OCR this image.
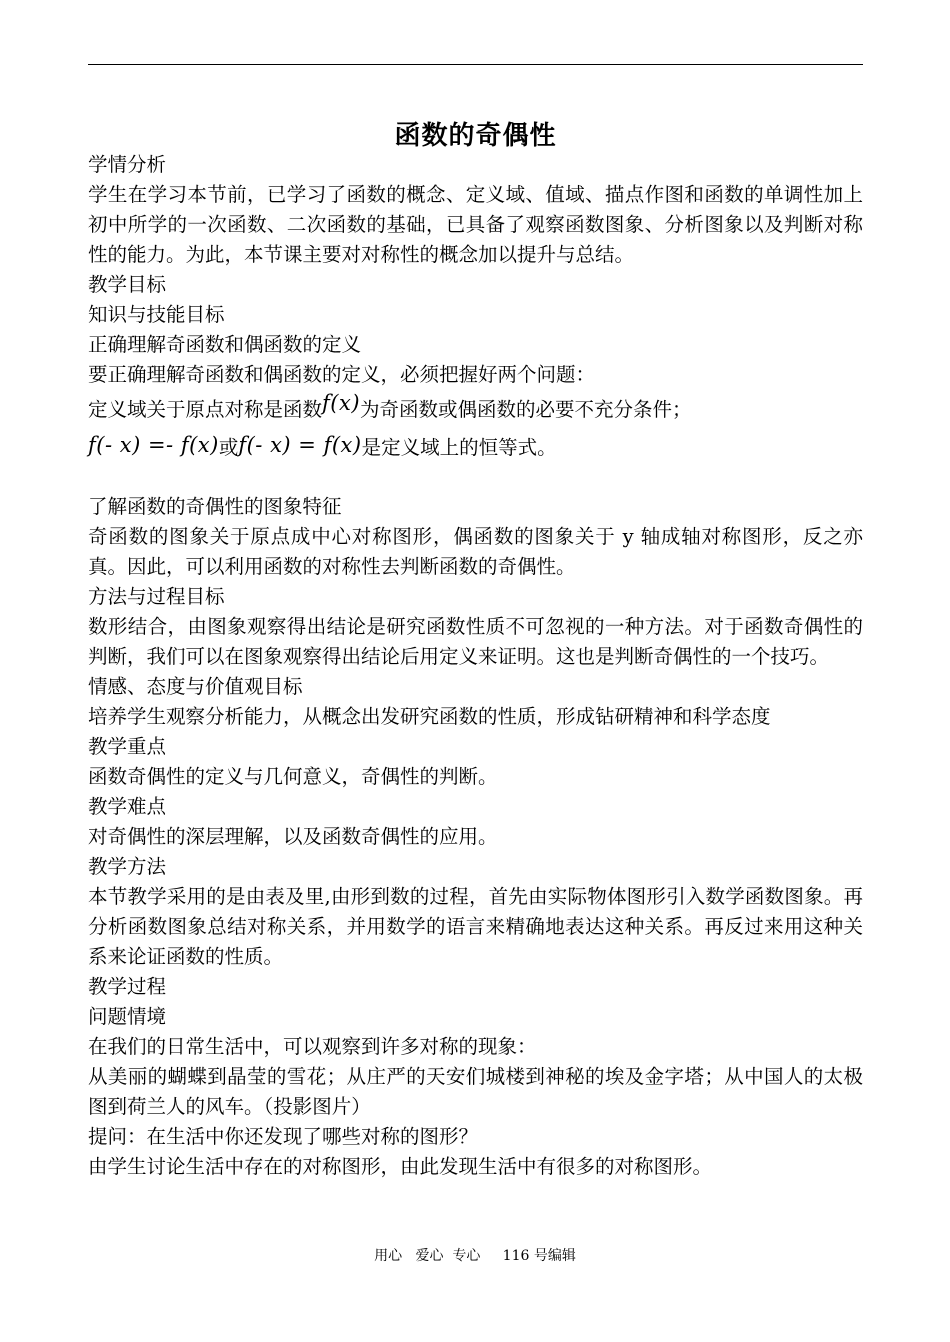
函数的奇偶性

学情分析

学生在学习本节前，已学习了函数的概念、定义域、值域、描点作图和函数的单调性加上初中所学的一次函数、二次函数的基础，已具备了观察函数图象、分析图象以及判断对称性的能力。为此，本节课主要对对称性的概念加以提升与总结。

教学目标

知识与技能目标

正确理解奇函数和偶函数的定义

要正确理解奇函数和偶函数的定义，必须把握好两个问题：

定义域关于原点对称是函数f(x)为奇函数或偶函数的必要不充分条件；

f(- x) =- f(x)或f(- x) = f(x)是定义域上的恒等式。

了解函数的奇偶性的图象特征

奇函数的图象关于原点成中心对称图形，偶函数的图象关于 y 轴成轴对称图形，反之亦真。因此，可以利用函数的对称性去判断函数的奇偶性。

方法与过程目标

数形结合，由图象观察得出结论是研究函数性质不可忽视的一种方法。对于函数奇偶性的判断，我们可以在图象观察得出结论后用定义来证明。这也是判断奇偶性的一个技巧。

情感、态度与价值观目标

培养学生观察分析能力，从概念出发研究函数的性质，形成钻研精神和科学态度

教学重点

函数奇偶性的定义与几何意义，奇偶性的判断。

教学难点

对奇偶性的深层理解，以及函数奇偶性的应用。

教学方法

本节教学采用的是由表及里,由形到数的过程，首先由实际物体图形引入数学函数图象。再分析函数图象总结对称关系，并用数学的语言来精确地表达这种关系。再反过来用这种关系来论证函数的性质。

教学过程

问题情境

在我们的日常生活中，可以观察到许多对称的现象：

从美丽的蝴蝶到晶莹的雪花；从庄严的天安们城楼到神秘的埃及金字塔；从中国人的太极图到荷兰人的风车。（投影图片）

提问：在生活中你还发现了哪些对称的图形？

由学生讨论生活中存在的对称图形，由此发现生活中有很多的对称图形。

用心   爱心  专心     116 号编辑
